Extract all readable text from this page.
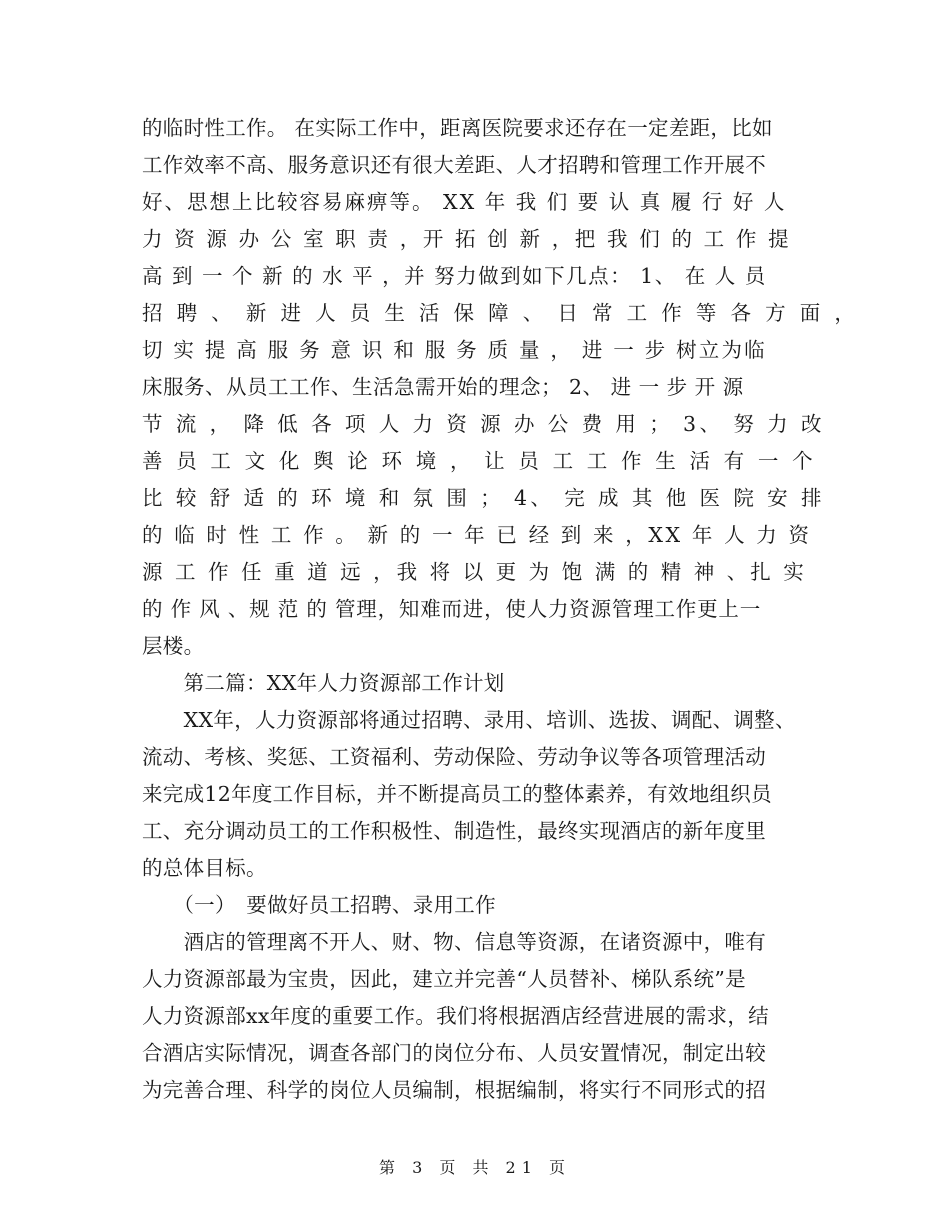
的临时性工作。 在实际工作中，距离医院要求还存在一定差距，比如
工作效率不高、服务意识还有很大差距、人才招聘和管理工作开展不
好、思想上比较容易麻痹等。 XX 年 我 们 要 认 真 履 行 好 人
力 资 源 办 公 室 职 责 ，开 拓 创 新 ，把 我 们 的 工 作 提
高 到 一 个 新 的 水 平 ，并 努力做到如下几点： 1、 在 人 员
招 聘 、 新 进 人 员 生 活 保 障 、 日 常 工 作 等 各 方 面 ，
切 实 提 高 服 务 意 识 和 服 务 质 量 ， 进 一 步 树立为临
床服务、从员工工作、生活急需开始的理念； 2、 进 一 步 开 源
节 流 ， 降 低 各 项 人 力 资 源 办 公 费 用 ； 3、 努 力 改
善 员 工 文 化 舆 论 环 境 ， 让 员 工 工 作 生 活 有 一 个
比 较 舒 适 的 环 境 和 氛 围 ； 4、 完 成 其 他 医 院 安 排
的 临 时 性 工 作 。 新 的 一 年 已 经 到 来 ，XX 年 人 力 资
源 工 作 任 重 道 远 ，我 将 以 更 为 饱 满 的 精 神 、扎 实
的 作 风 、规 范 的 管理，知难而进，使人力资源管理工作更上一
层楼。
　　第二篇：XX年人力资源部工作计划
　　XX年，人力资源部将通过招聘、录用、培训、选拔、调配、调整、
流动、考核、奖惩、工资福利、劳动保险、劳动争议等各项管理活动
来完成12年度工作目标，并不断提高员工的整体素养，有效地组织员
工、充分调动员工的工作积极性、制造性，最终实现酒店的新年度里
的总体目标。
　　（一）　要做好员工招聘、录用工作
　　酒店的管理离不开人、财、物、信息等资源，在诸资源中，唯有
人力资源部最为宝贵，因此，建立并完善“人员替补、梯队系统”是
人力资源部xx年度的重要工作。我们将根据酒店经营进展的需求，结
合酒店实际情况，调查各部门的岗位分布、人员安置情况，制定出较
为完善合理、科学的岗位人员编制，根据编制，将实行不同形式的招
第 3 页 共 21 页
